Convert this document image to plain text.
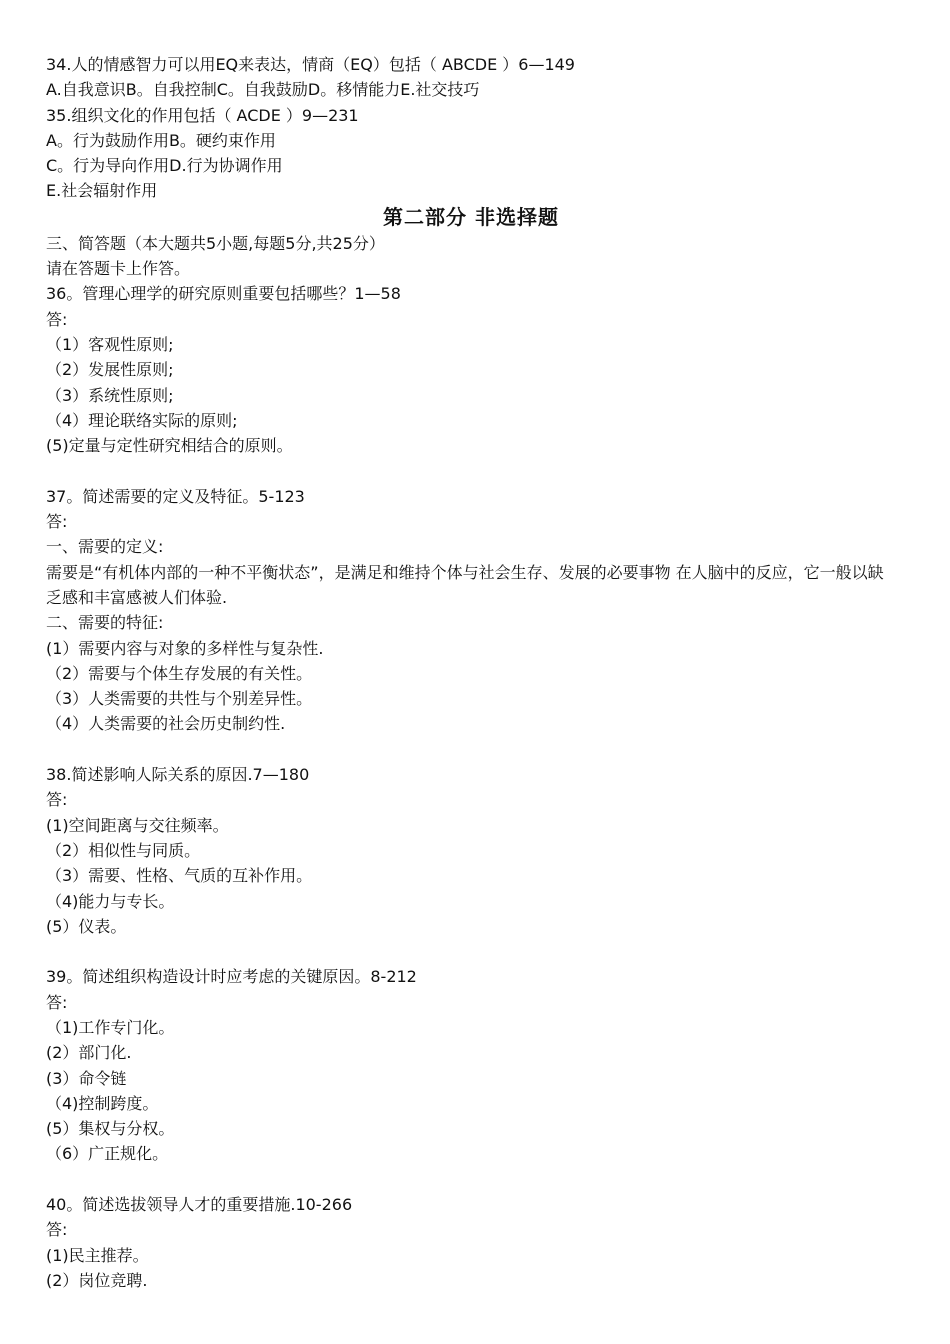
34.人的情感智力可以用EQ来表达，情商（EQ）包括（ ABCDE ）6—149
A.自我意识B。自我控制C。自我鼓励D。移情能力E.社交技巧
35.组织文化的作用包括（ ACDE ）9—231
A。行为鼓励作用B。硬约束作用
C。行为导向作用D.行为协调作用
E.社会辐射作用
第二部分 非选择题
三、简答题（本大题共5小题,每题5分,共25分）
请在答题卡上作答。
36。管理心理学的研究原则重要包括哪些？1—58
答:
（1）客观性原则;
（2）发展性原则;
（3）系统性原则;
（4）理论联络实际的原则;
(5)定量与定性研究相结合的原则。
37。简述需要的定义及特征。5-123
答:
一、需要的定义:
需要是“有机体内部的一种不平衡状态”，是满足和维持个体与社会生存、发展的必要事物 在人脑中的反应，它一般以缺乏感和丰富感被人们体验.
二、需要的特征:
(1）需要内容与对象的多样性与复杂性.
（2）需要与个体生存发展的有关性。
（3）人类需要的共性与个别差异性。
（4）人类需要的社会历史制约性.
38.简述影响人际关系的原因.7—180
答:
(1)空间距离与交往频率。
（2）相似性与同质。
（3）需要、性格、气质的互补作用。
（4)能力与专长。
(5）仪表。
39。简述组织构造设计时应考虑的关键原因。8-212
答:
（1)工作专门化。
(2）部门化.
(3）命令链
（4)控制跨度。
(5）集权与分权。
（6）广正规化。
40。简述选拔领导人才的重要措施.10-266
答:
(1)民主推荐。
(2）岗位竞聘.
